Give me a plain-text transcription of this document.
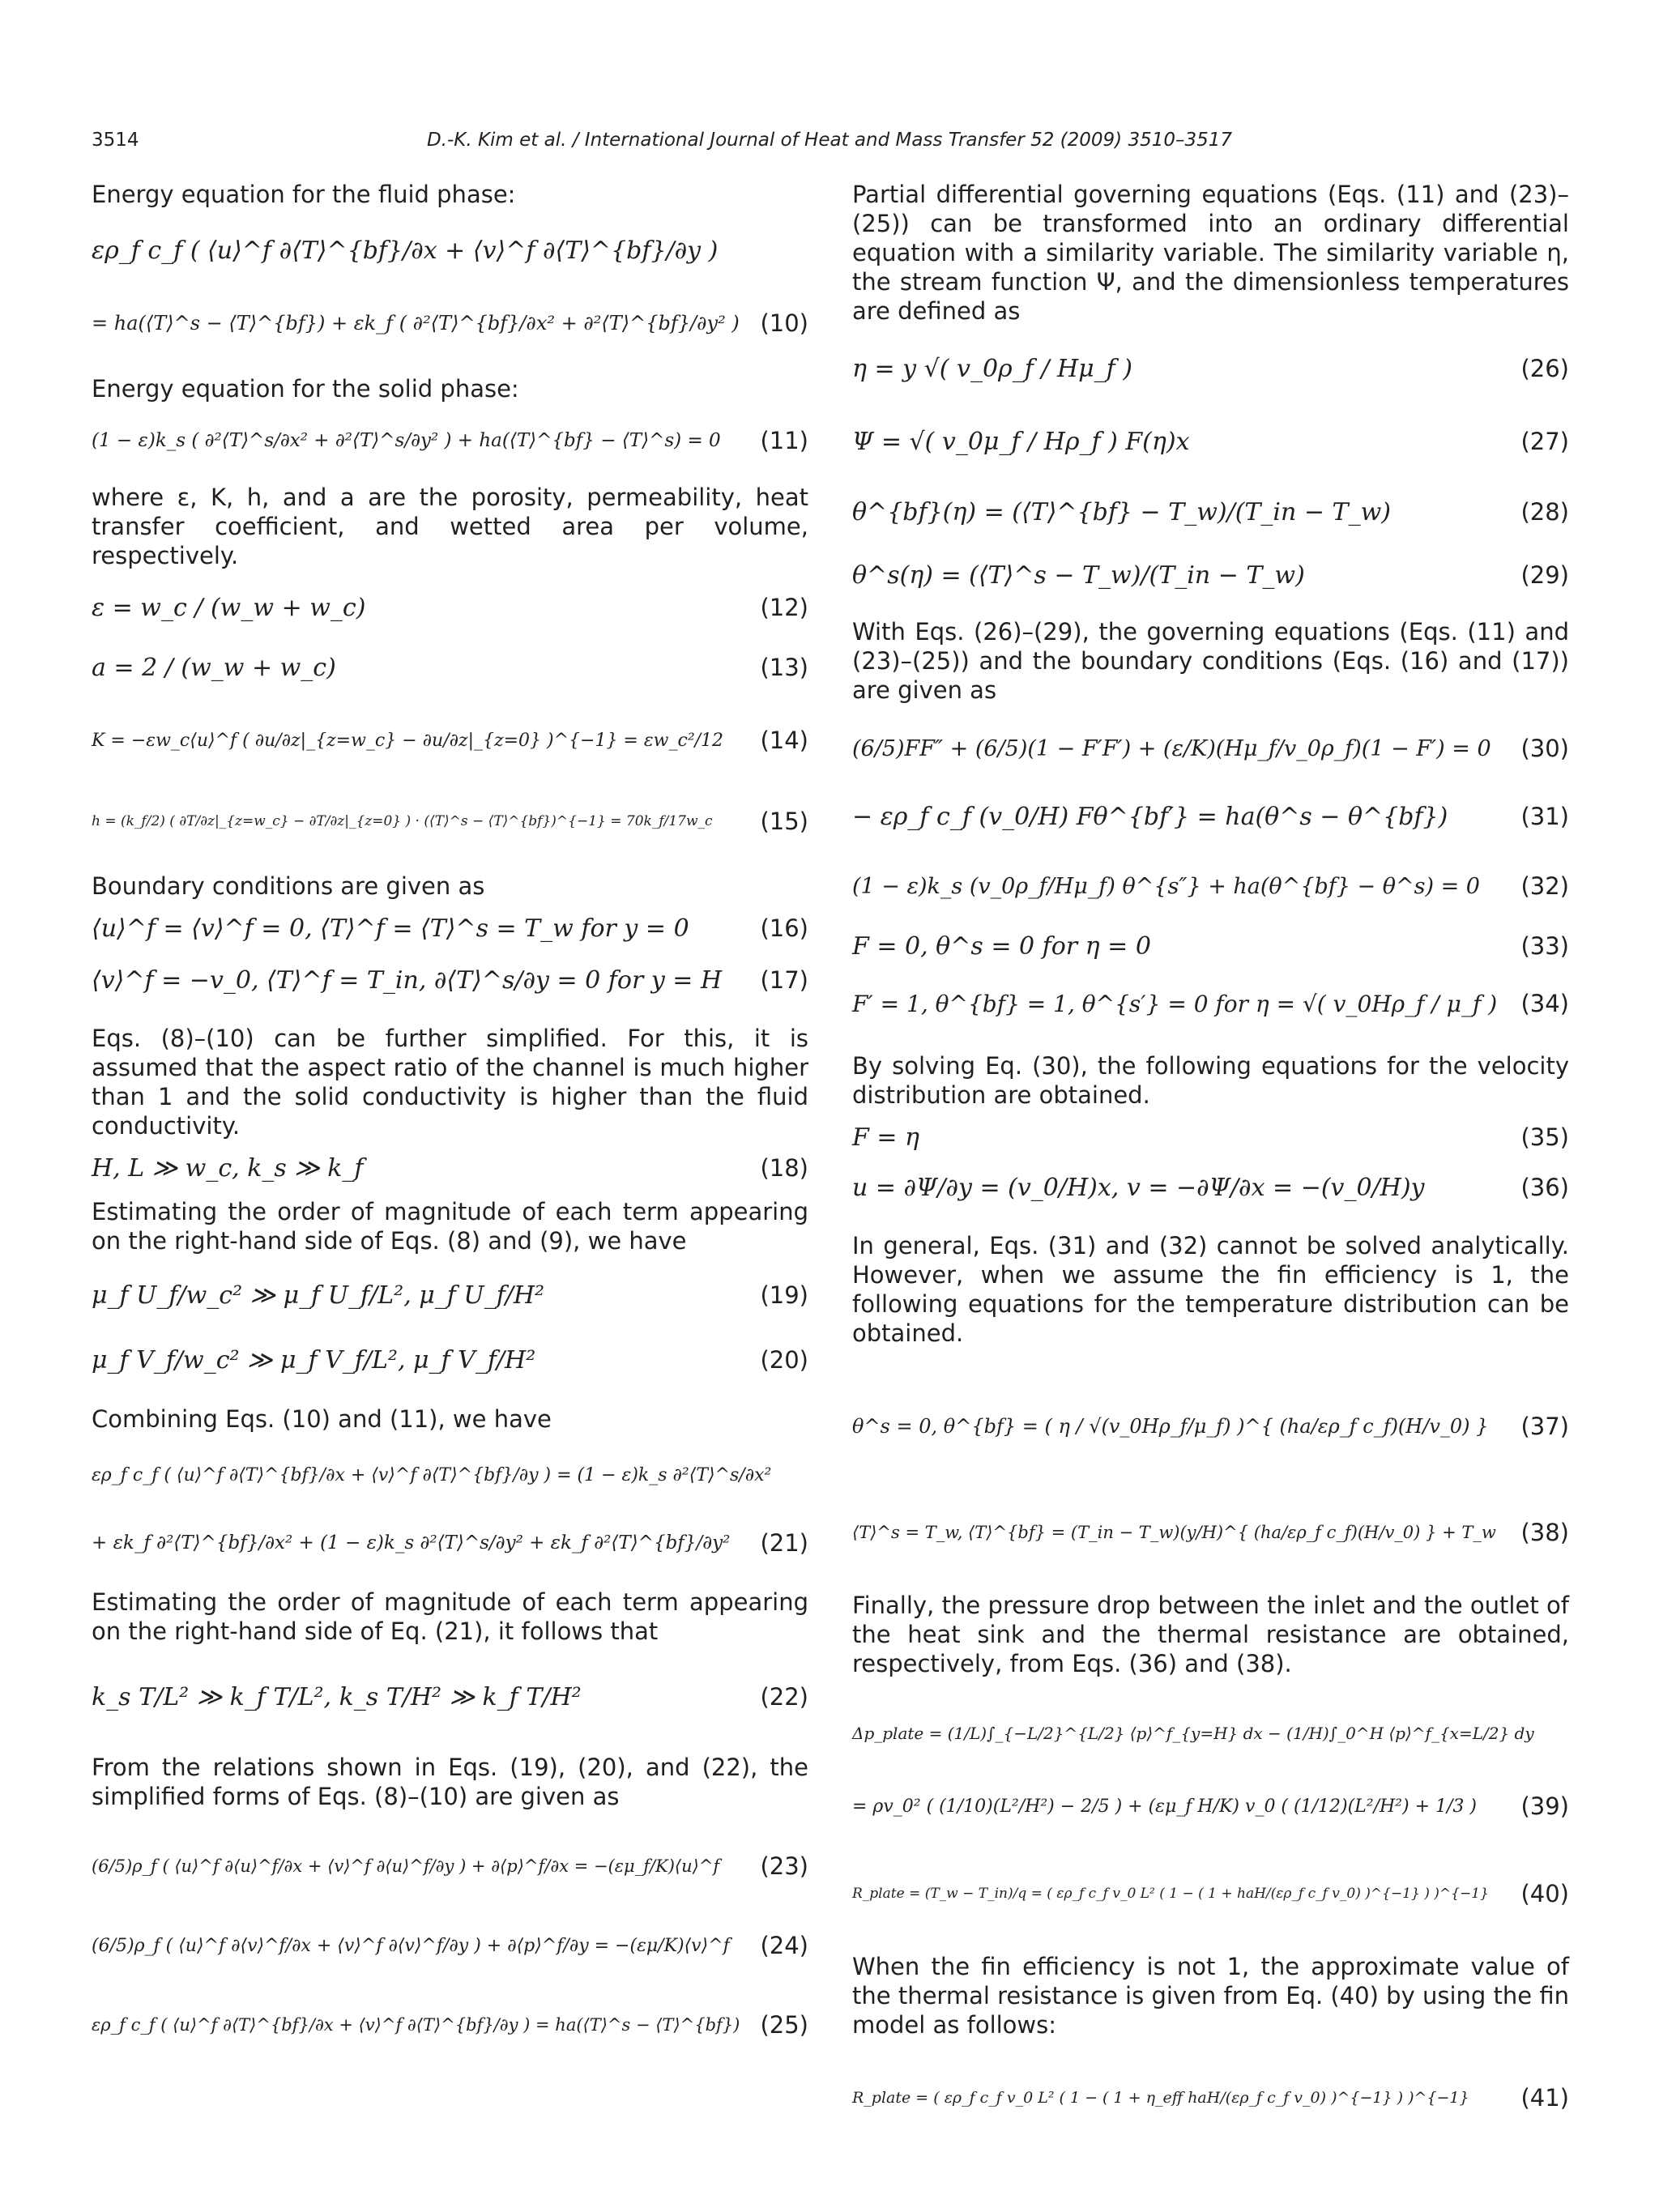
3514	D.-K. Kim et al. / International Journal of Heat and Mass Transfer 52 (2009) 3510–3517

Energy equation for the fluid phase:

ερ_f c_f ( ⟨u⟩^f ∂⟨T⟩^{bf}/∂x + ⟨v⟩^f ∂⟨T⟩^{bf}/∂y )
= ha(⟨T⟩^s − ⟨T⟩^{bf}) + εk_f ( ∂²⟨T⟩^{bf}/∂x² + ∂²⟨T⟩^{bf}/∂y² ) (10)

Energy equation for the solid phase:

(1 − ε)k_s ( ∂²⟨T⟩^s/∂x² + ∂²⟨T⟩^s/∂y² ) + ha(⟨T⟩^{bf} − ⟨T⟩^s) = 0 (11)

where ε, K, h, and a are the porosity, permeability, heat transfer coefficient, and wetted area per volume, respectively.

ε = w_c / (w_w + w_c)	(12)
a = 2 / (w_w + w_c)	(13)
K = −εw_c⟨u⟩^f ( ∂u/∂z|_{z=w_c} − ∂u/∂z|_{z=0} )^{−1} = εw_c²/12 (14)
h = (k_f/2) ( ∂T/∂z|_{z=w_c} − ∂T/∂z|_{z=0} ) · (⟨T⟩^s − ⟨T⟩^{bf})^{−1} = 70k_f/17w_c (15)

Boundary conditions are given as

⟨u⟩^f = ⟨v⟩^f = 0, ⟨T⟩^f = ⟨T⟩^s = T_w for y = 0	(16)
⟨v⟩^f = −v_0, ⟨T⟩^f = T_in, ∂⟨T⟩^s/∂y = 0 for y = H (17)

Eqs. (8)–(10) can be further simplified. For this, it is assumed that the aspect ratio of the channel is much higher than 1 and the solid conductivity is higher than the fluid conductivity.

H, L ≫ w_c, k_s ≫ k_f	(18)

Estimating the order of magnitude of each term appearing on the right-hand side of Eqs. (8) and (9), we have

μ_f U_f/w_c² ≫ μ_f U_f/L², μ_f U_f/H²	(19)
μ_f V_f/w_c² ≫ μ_f V_f/L², μ_f V_f/H²	(20)

Combining Eqs. (10) and (11), we have

ερ_f c_f ( ⟨u⟩^f ∂⟨T⟩^{bf}/∂x + ⟨v⟩^f ∂⟨T⟩^{bf}/∂y ) = (1 − ε)k_s ∂²⟨T⟩^s/∂x²
+ εk_f ∂²⟨T⟩^{bf}/∂x² + (1 − ε)k_s ∂²⟨T⟩^s/∂y² + εk_f ∂²⟨T⟩^{bf}/∂y² (21)

Estimating the order of magnitude of each term appearing on the right-hand side of Eq. (21), it follows that

k_s T/L² ≫ k_f T/L², k_s T/H² ≫ k_f T/H²	(22)

From the relations shown in Eqs. (19), (20), and (22), the simplified forms of Eqs. (8)–(10) are given as

(6/5)ρ_f ( ⟨u⟩^f ∂⟨u⟩^f/∂x + ⟨v⟩^f ∂⟨u⟩^f/∂y ) + ∂⟨p⟩^f/∂x = −(εμ_f/K)⟨u⟩^f (23)
(6/5)ρ_f ( ⟨u⟩^f ∂⟨v⟩^f/∂x + ⟨v⟩^f ∂⟨v⟩^f/∂y ) + ∂⟨p⟩^f/∂y = −(εμ/K)⟨v⟩^f (24)
ερ_f c_f ( ⟨u⟩^f ∂⟨T⟩^{bf}/∂x + ⟨v⟩^f ∂⟨T⟩^{bf}/∂y ) = ha(⟨T⟩^s − ⟨T⟩^{bf}) (25)

Partial differential governing equations (Eqs. (11) and (23)–(25)) can be transformed into an ordinary differential equation with a similarity variable. The similarity variable η, the stream function Ψ, and the dimensionless temperatures are defined as

η = y √( v_0ρ_f / Hμ_f )	(26)
Ψ = √( v_0μ_f / Hρ_f ) F(η)x	(27)
θ^{bf}(η) = (⟨T⟩^{bf} − T_w)/(T_in − T_w)	(28)
θ^s(η) = (⟨T⟩^s − T_w)/(T_in − T_w)	(29)

With Eqs. (26)–(29), the governing equations (Eqs. (11) and (23)–(25)) and the boundary conditions (Eqs. (16) and (17)) are given as

(6/5)FF″ + (6/5)(1 − F′F′) + (ε/K)(Hμ_f/v_0ρ_f)(1 − F′) = 0 (30)
− ερ_f c_f (v_0/H) Fθ^{bf′} = ha(θ^s − θ^{bf})	(31)
(1 − ε)k_s (v_0ρ_f/Hμ_f) θ^{s″} + ha(θ^{bf} − θ^s) = 0 (32)
F = 0, θ^s = 0 for η = 0	(33)
F′ = 1, θ^{bf} = 1, θ^{s′} = 0 for η = √( v_0Hρ_f / μ_f ) (34)

By solving Eq. (30), the following equations for the velocity distribution are obtained.

F = η	(35)
u = ∂Ψ/∂y = (v_0/H)x, v = −∂Ψ/∂x = −(v_0/H)y	(36)

In general, Eqs. (31) and (32) cannot be solved analytically. However, when we assume the fin efficiency is 1, the following equations for the temperature distribution can be obtained.

θ^s = 0, θ^{bf} = ( η / √(v_0Hρ_f/μ_f) )^{ (ha/ερ_f c_f)(H/v_0) } (37)
⟨T⟩^s = T_w, ⟨T⟩^{bf} = (T_in − T_w)(y/H)^{ (ha/ερ_f c_f)(H/v_0) } + T_w (38)

Finally, the pressure drop between the inlet and the outlet of the heat sink and the thermal resistance are obtained, respectively, from Eqs. (36) and (38).

Δp_plate = (1/L)∫_{−L/2}^{L/2} ⟨p⟩^f_{y=H} dx − (1/H)∫_0^H ⟨p⟩^f_{x=L/2} dy
= ρv_0² ( (1/10)(L²/H²) − 2/5 ) + (εμ_f H/K) v_0 ( (1/12)(L²/H²) + 1/3 ) (39)
R_plate = (T_w − T_in)/q = ( ερ_f c_f v_0 L² ( 1 − ( 1 + haH/(ερ_f c_f v_0) )^{−1} ) )^{−1} (40)

When the fin efficiency is not 1, the approximate value of the thermal resistance is given from Eq. (40) by using the fin model as follows:

R_plate = ( ερ_f c_f v_0 L² ( 1 − ( 1 + η_eff haH/(ερ_f c_f v_0) )^{−1} ) )^{−1} (41)
